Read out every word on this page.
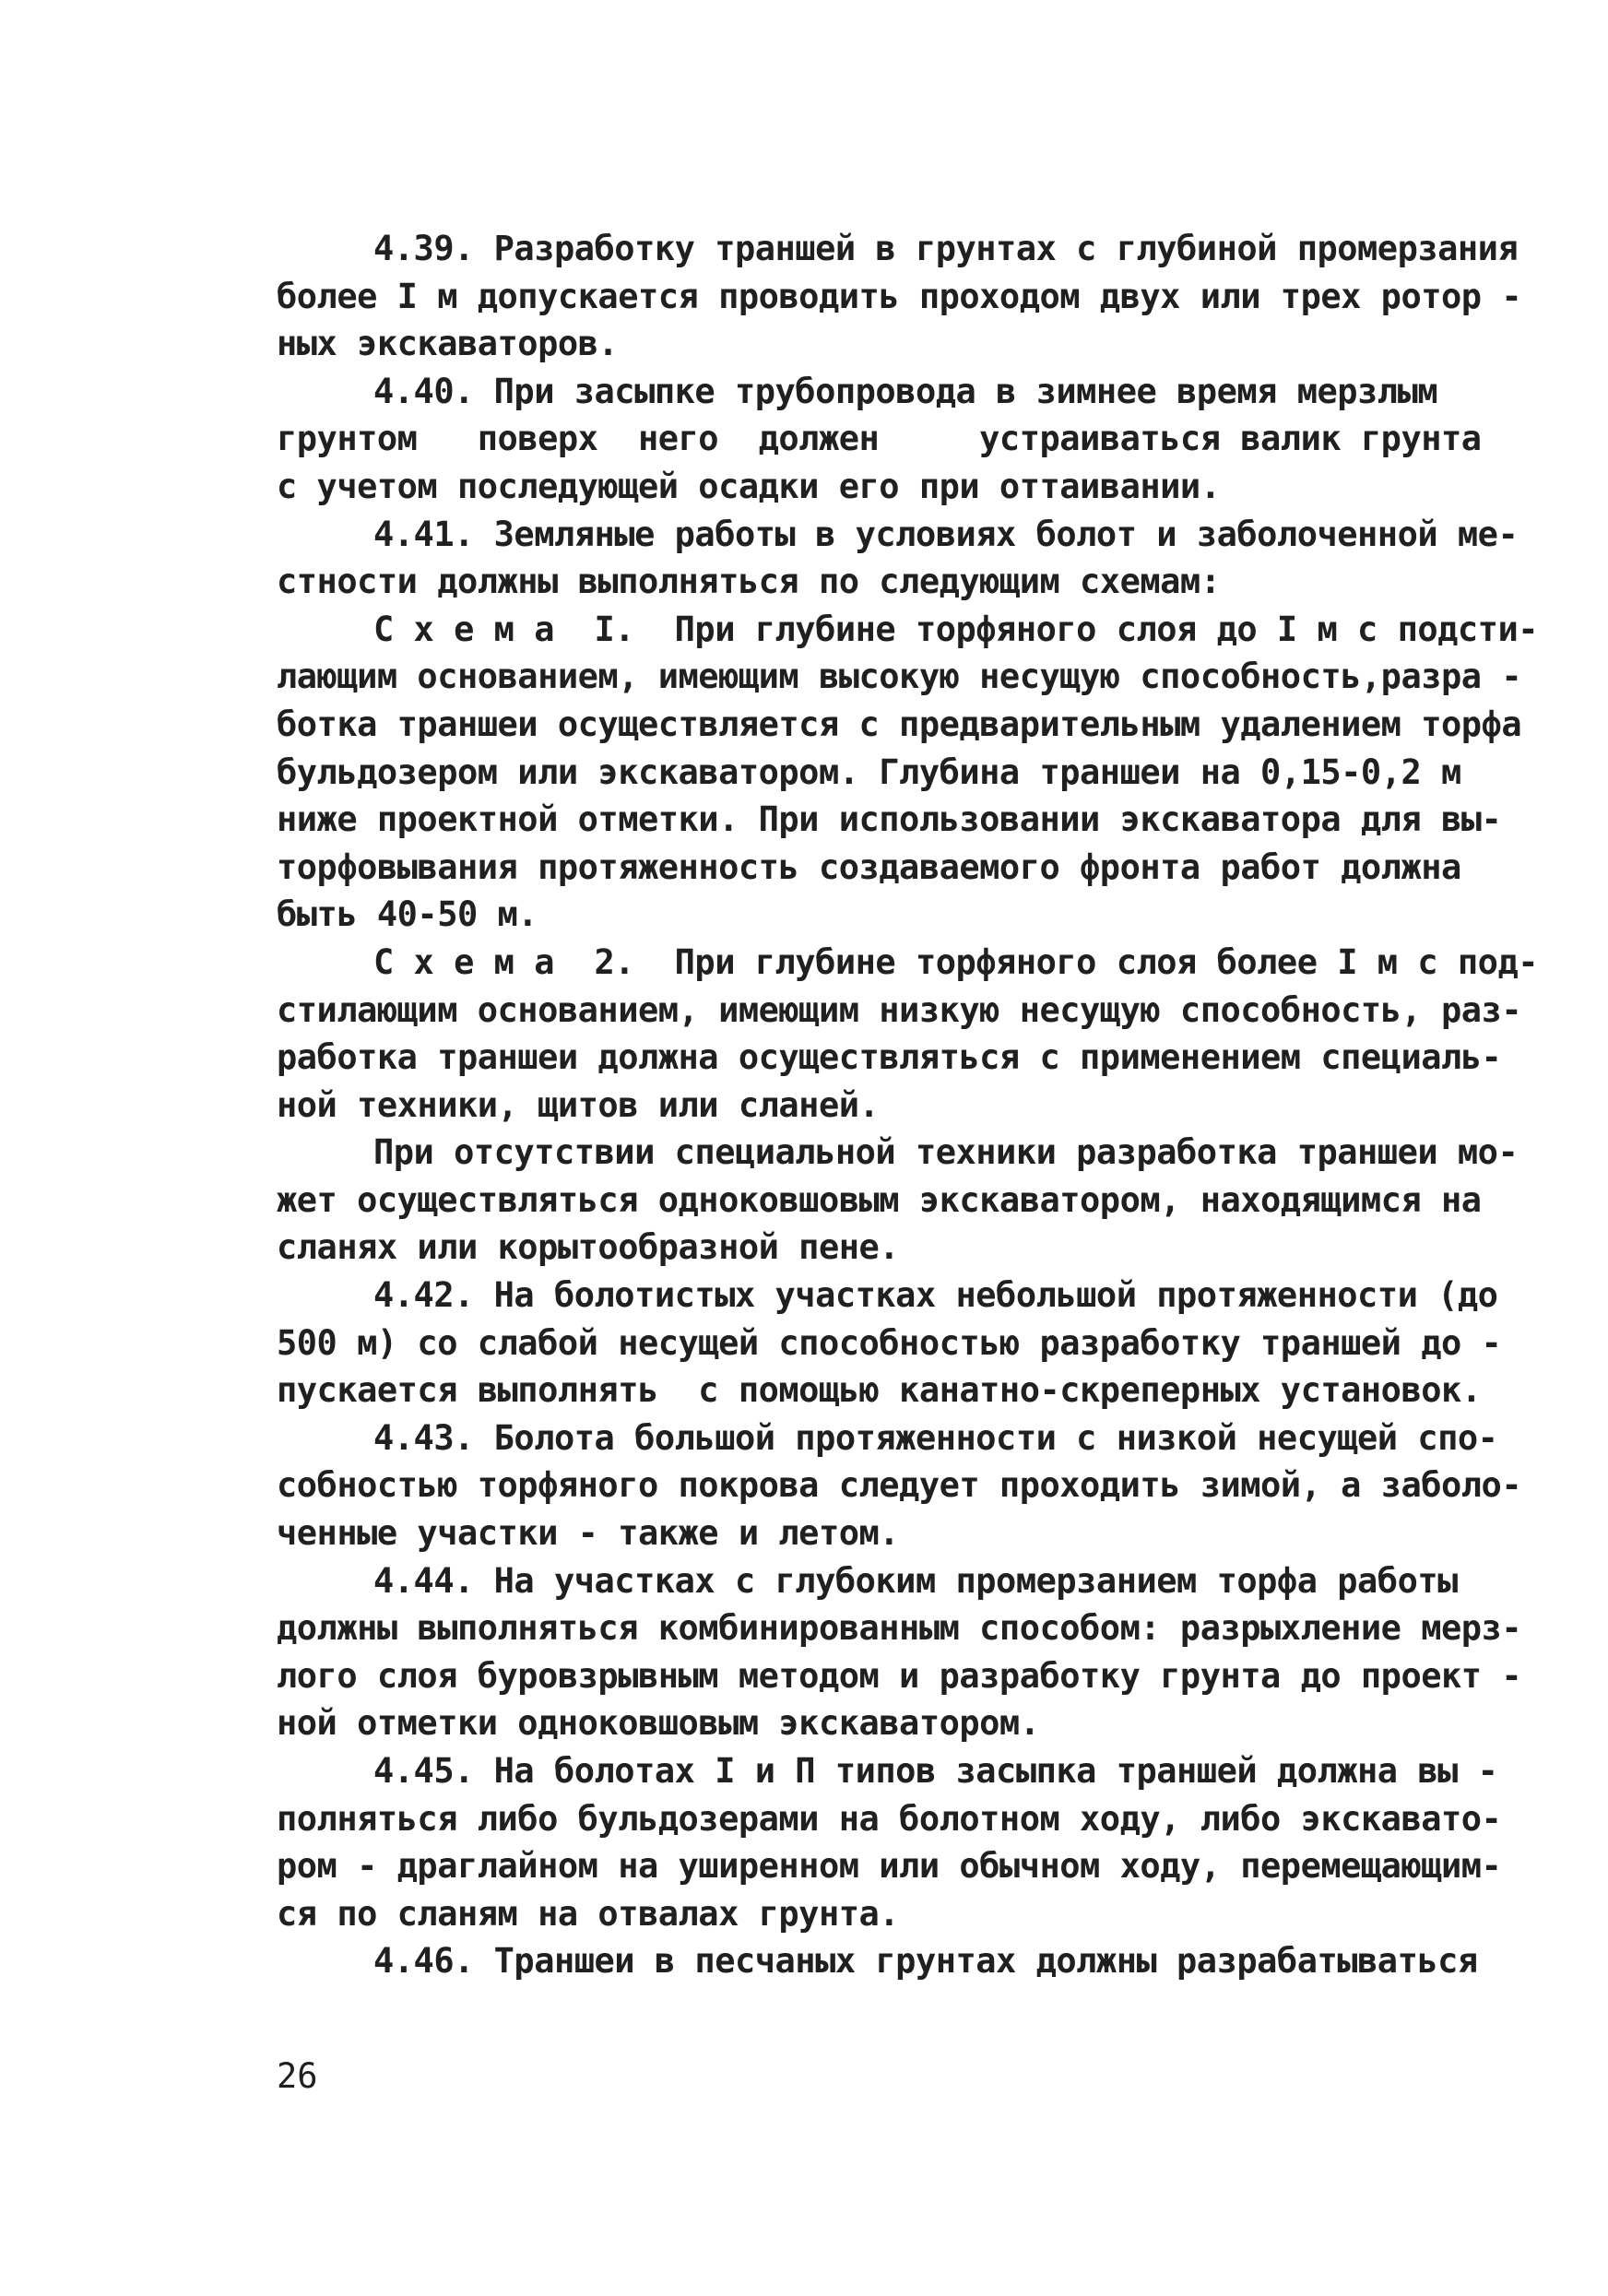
4.39. Разработку траншей в грунтах с глубиной промерзания
более I м допускается проводить проходом двух или трех ротор -
ных экскаваторов.
4.40. При засыпке трубопровода в зимнее время мерзлым
грунтом   поверх  него  должен     устраиваться валик грунта
с учетом последующей осадки его при оттаивании.
4.41. Земляные работы в условиях болот и заболоченной ме-
стности должны выполняться по следующим схемам:
С х е м а  I.  При глубине торфяного слоя до I м с подсти-
лающим основанием, имеющим высокую несущую способность,разра -
ботка траншеи осуществляется с предварительным удалением торфа
бульдозером или экскаватором. Глубина траншеи на 0,15-0,2 м
ниже проектной отметки. При использовании экскаватора для вы-
торфовывания протяженность создаваемого фронта работ должна
быть 40-50 м.
С х е м а  2.  При глубине торфяного слоя более I м с под-
стилающим основанием, имеющим низкую несущую способность, раз-
работка траншеи должна осуществляться с применением специаль-
ной техники, щитов или сланей.
При отсутствии специальной техники разработка траншеи мо-
жет осуществляться одноковшовым экскаватором, находящимся на
сланях или корытообразной пене.
4.42. На болотистых участках небольшой протяженности (до
500 м) со слабой несущей способностью разработку траншей до -
пускается выполнять  с помощью канатно-скреперных установок.
4.43. Болота большой протяженности с низкой несущей спо-
собностью торфяного покрова следует проходить зимой, а заболо-
ченные участки - также и летом.
4.44. На участках с глубоким промерзанием торфа работы
должны выполняться комбинированным способом: разрыхление мерз-
лого слоя буровзрывным методом и разработку грунта до проект -
ной отметки одноковшовым экскаватором.
4.45. На болотах I и П типов засыпка траншей должна вы -
полняться либо бульдозерами на болотном ходу, либо экскавато-
ром - драглайном на уширенном или обычном ходу, перемещающим-
ся по сланям на отвалах грунта.
4.46. Траншеи в песчаных грунтах должны разрабатываться
26
